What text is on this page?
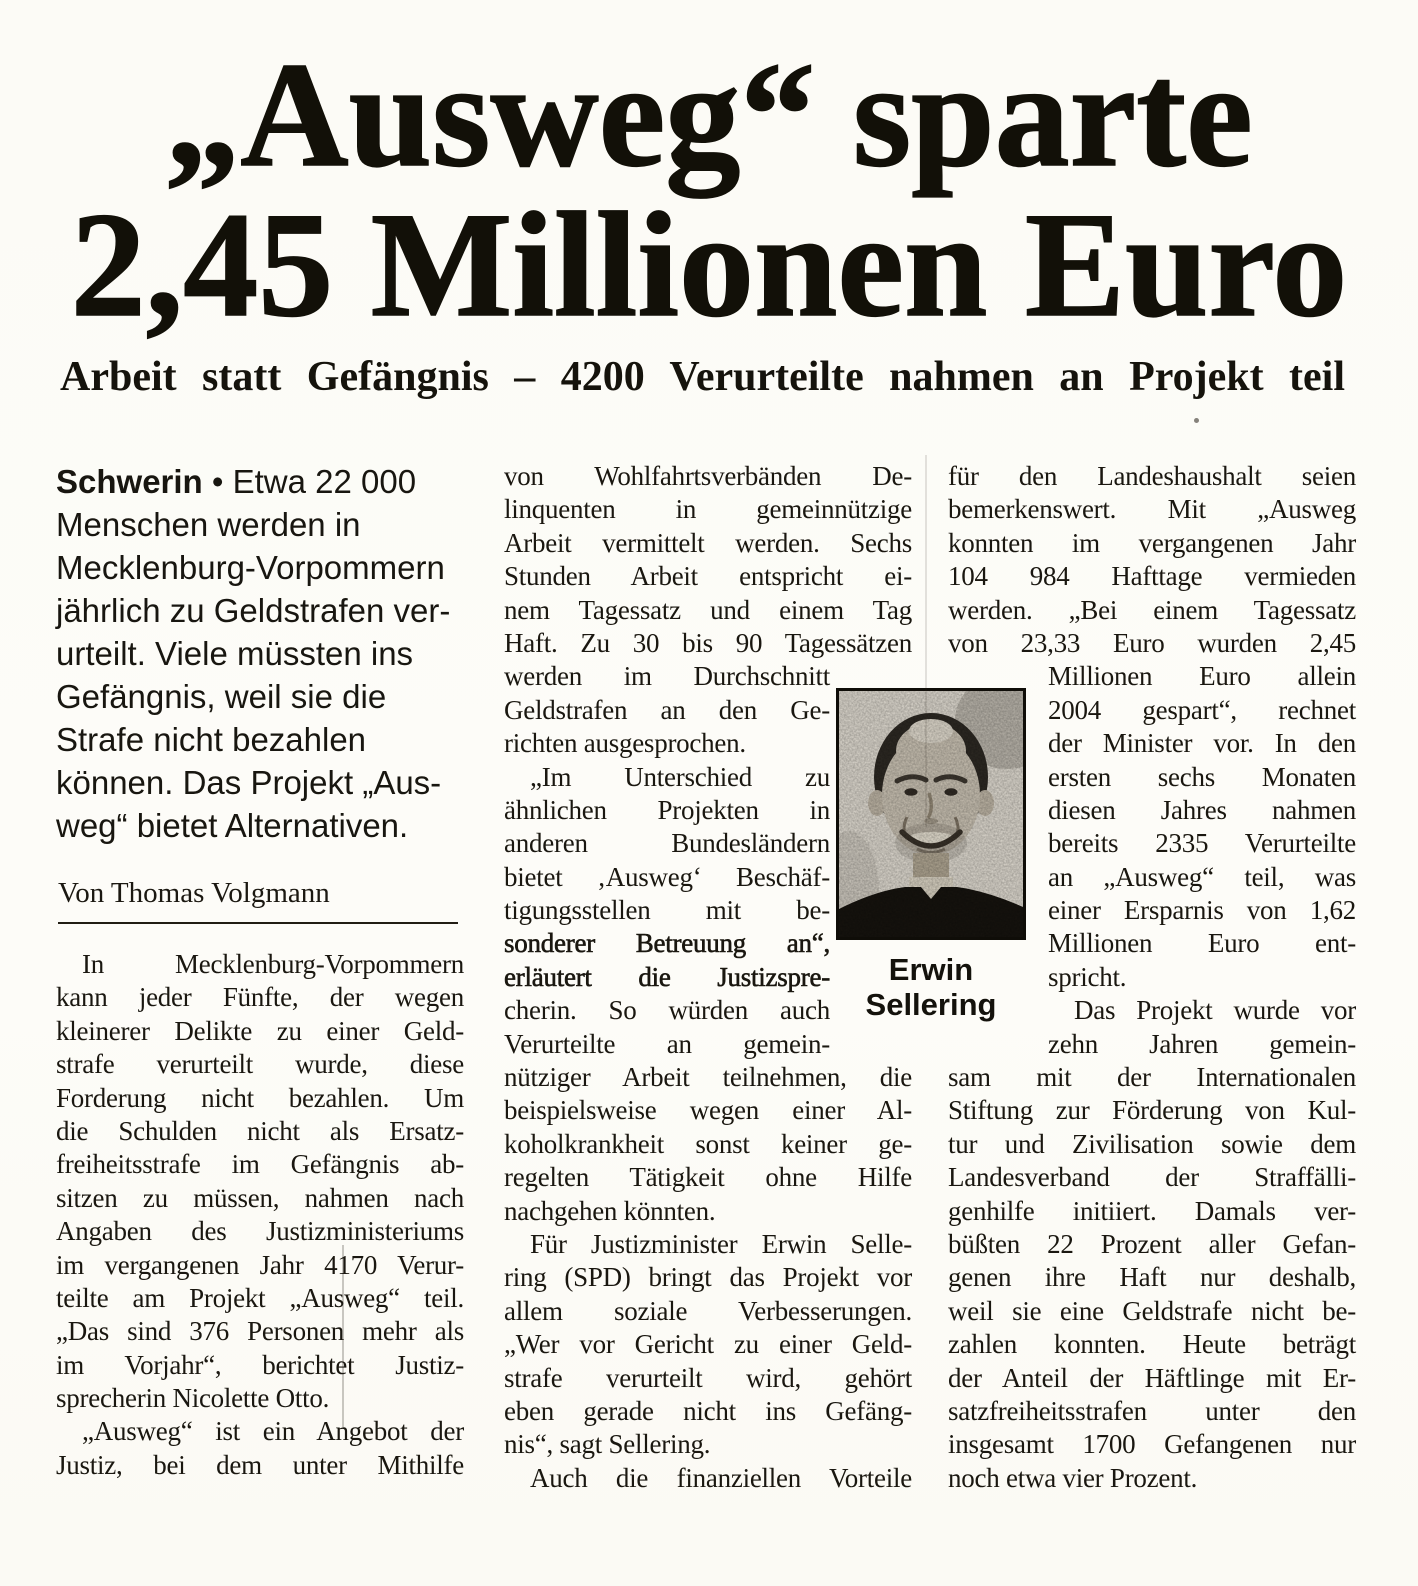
„Ausweg“ sparte
2,45 Millionen Euro
Arbeit statt Gefängnis – 4200 Verurteilte nahmen an Projekt teil
Schwerin • Etwa 22 000
Menschen werden in
Mecklenburg-Vorpommern
jährlich zu Geldstrafen ver-
urteilt. Viele müssten ins
Gefängnis, weil sie die
Strafe nicht bezahlen
können. Das Projekt „Aus-
weg“ bietet Alternativen.
Von Thomas Volgmann
In Mecklenburg-Vorpommern
kann jeder Fünfte, der wegen
kleinerer Delikte zu einer Geld-
strafe verurteilt wurde, diese
Forderung nicht bezahlen. Um
die Schulden nicht als Ersatz-
freiheitsstrafe im Gefängnis ab-
sitzen zu müssen, nahmen nach
Angaben des Justizministeriums
im vergangenen Jahr 4170 Verur-
teilte am Projekt „Ausweg“ teil.
„Das sind 376 Personen mehr als
im Vorjahr“, berichtet Justiz-
sprecherin Nicolette Otto.
„Ausweg“ ist ein Angebot der
Justiz, bei dem unter Mithilfe
von Wohlfahrtsverbänden De-
linquenten in gemeinnützige
Arbeit vermittelt werden. Sechs
Stunden Arbeit entspricht ei-
nem Tagessatz und einem Tag
Haft. Zu 30 bis 90 Tagessätzen
werden im Durchschnitt
Geldstrafen an den Ge-
richten ausgesprochen.
„Im Unterschied zu
ähnlichen Projekten in
anderen Bundesländern
bietet ‚Ausweg‘ Beschäf-
tigungsstellen mit be-
sonderer Betreuung an“,
erläutert die Justizspre-
cherin. So würden auch
Verurteilte an gemein-
nütziger Arbeit teilnehmen, die
beispielsweise wegen einer Al-
koholkrankheit sonst keiner ge-
regelten Tätigkeit ohne Hilfe
nachgehen könnten.
Für Justizminister Erwin Selle-
ring (SPD) bringt das Projekt vor
allem soziale Verbesserungen.
„Wer vor Gericht zu einer Geld-
strafe verurteilt wird, gehört
eben gerade nicht ins Gefäng-
nis“, sagt Sellering.
Auch die finanziellen Vorteile
für den Landeshaushalt seien
bemerkenswert. Mit „Ausweg
konnten im vergangenen Jahr
104 984 Hafttage vermieden
werden. „Bei einem Tagessatz
von 23,33 Euro wurden 2,45
Millionen Euro allein
2004 gespart“, rechnet
der Minister vor. In den
ersten sechs Monaten
diesen Jahres nahmen
bereits 2335 Verurteilte
an „Ausweg“ teil, was
einer Ersparnis von 1,62
Millionen Euro ent-
spricht.
Das Projekt wurde vor
zehn Jahren gemein-
sam mit der Internationalen
Stiftung zur Förderung von Kul-
tur und Zivilisation sowie dem
Landesverband der Straffälli-
genhilfe initiiert. Damals ver-
büßten 22 Prozent aller Gefan-
genen ihre Haft nur deshalb,
weil sie eine Geldstrafe nicht be-
zahlen konnten. Heute beträgt
der Anteil der Häftlinge mit Er-
satzfreiheitsstrafen unter den
insgesamt 1700 Gefangenen nur
noch etwa vier Prozent.
Erwin
Sellering
